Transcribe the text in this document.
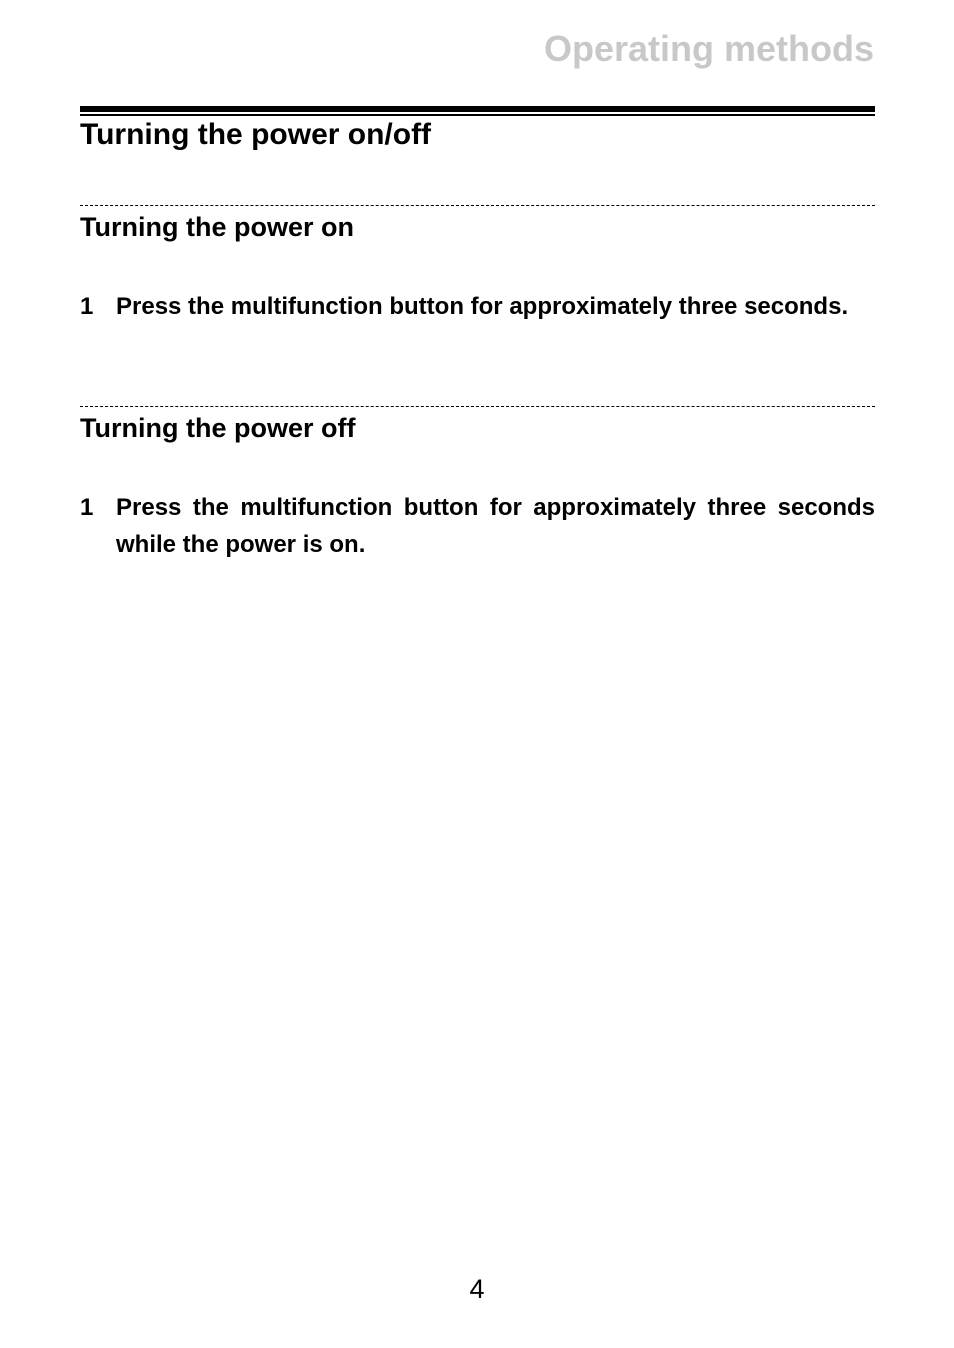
Operating methods
Turning the power on/off
Turning the power on
1 Press the multifunction button for approximately three seconds.
Turning the power off
1 Press the multifunction button for approximately three seconds while the power is on.
4
